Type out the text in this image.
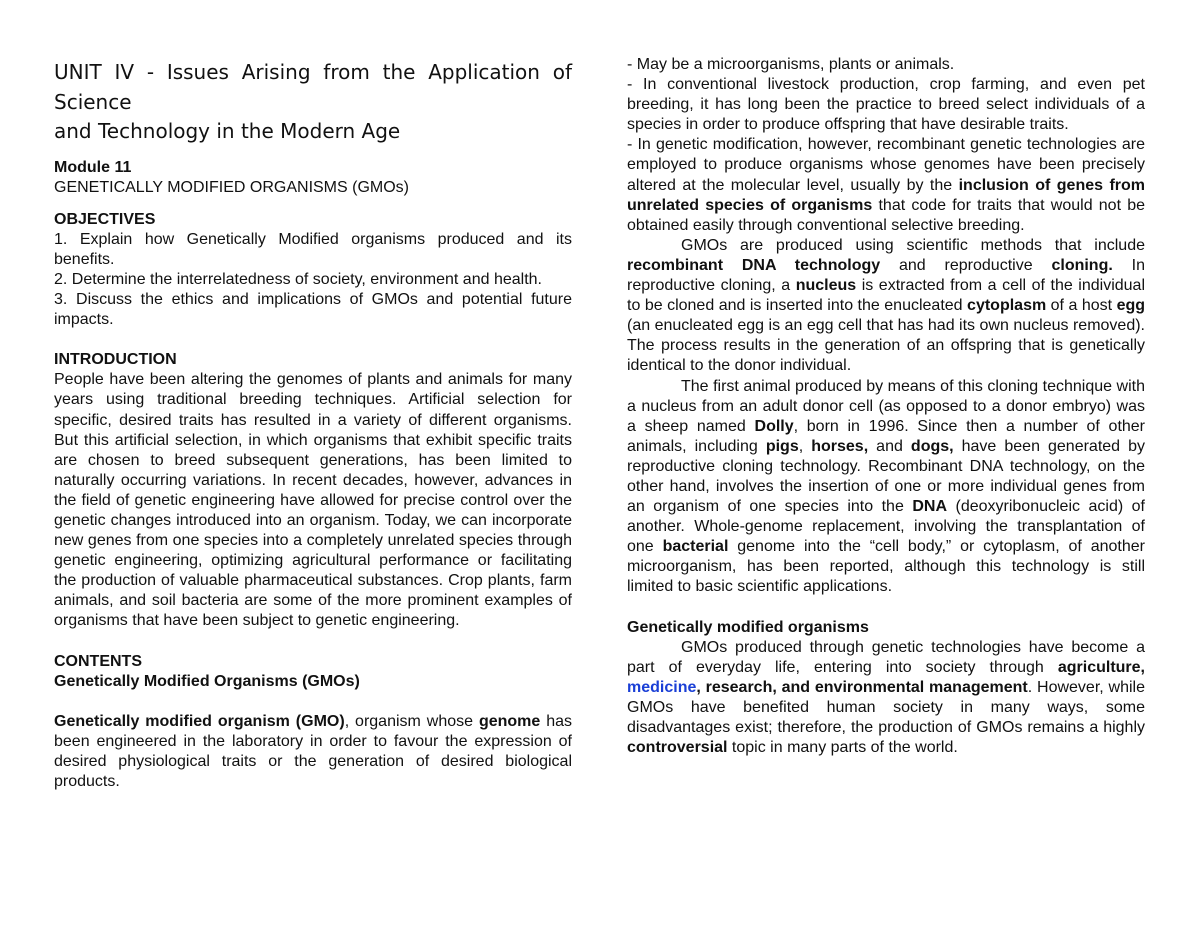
UNIT IV - Issues Arising from the Application of Science
and Technology in the Modern Age

Module 11

GENETICALLY MODIFIED ORGANISMS (GMOs)

OBJECTIVES

1. Explain how Genetically Modified organisms produced and its benefits.

2. Determine the interrelatedness of society, environment and health.

3. Discuss the ethics and implications of GMOs and potential future impacts.

INTRODUCTION

People have been altering the genomes of plants and animals for many years using traditional breeding techniques. Artificial selection for specific, desired traits has resulted in a variety of different organisms. But this artificial selection, in which organisms that exhibit specific traits are chosen to breed subsequent generations, has been limited to naturally occurring variations. In recent decades, however, advances in the field of genetic engineering have allowed for precise control over the genetic changes introduced into an organism. Today, we can incorporate new genes from one species into a completely unrelated species through genetic engineering, optimizing agricultural performance or facilitating the production of valuable pharmaceutical substances. Crop plants, farm animals, and soil bacteria are some of the more prominent examples of organisms that have been subject to genetic engineering.

CONTENTS

Genetically Modified Organisms (GMOs)

Genetically modified organism (GMO), organism whose genome has been engineered in the laboratory in order to favour the expression of desired physiological traits or the generation of desired biological products.

- May be a microorganisms, plants or animals.

- In conventional livestock production, crop farming, and even pet breeding, it has long been the practice to breed select individuals of a species in order to produce offspring that have desirable traits.

- In genetic modification, however, recombinant genetic technologies are employed to produce organisms whose genomes have been precisely altered at the molecular level, usually by the inclusion of genes from unrelated species of organisms that code for traits that would not be obtained easily through conventional selective breeding.

GMOs are produced using scientific methods that include recombinant DNA technology and reproductive cloning. In reproductive cloning, a nucleus is extracted from a cell of the individual to be cloned and is inserted into the enucleated cytoplasm of a host egg (an enucleated egg is an egg cell that has had its own nucleus removed). The process results in the generation of an offspring that is genetically identical to the donor individual.

The first animal produced by means of this cloning technique with a nucleus from an adult donor cell (as opposed to a donor embryo) was a sheep named Dolly, born in 1996. Since then a number of other animals, including pigs, horses, and dogs, have been generated by reproductive cloning technology. Recombinant DNA technology, on the other hand, involves the insertion of one or more individual genes from an organism of one species into the DNA (deoxyribonucleic acid) of another. Whole-genome replacement, involving the transplantation of one bacterial genome into the “cell body,” or cytoplasm, of another microorganism, has been reported, although this technology is still limited to basic scientific applications.

Genetically modified organisms

GMOs produced through genetic technologies have become a part of everyday life, entering into society through agriculture, medicine, research, and environmental management. However, while GMOs have benefited human society in many ways, some disadvantages exist; therefore, the production of GMOs remains a highly controversial topic in many parts of the world.
